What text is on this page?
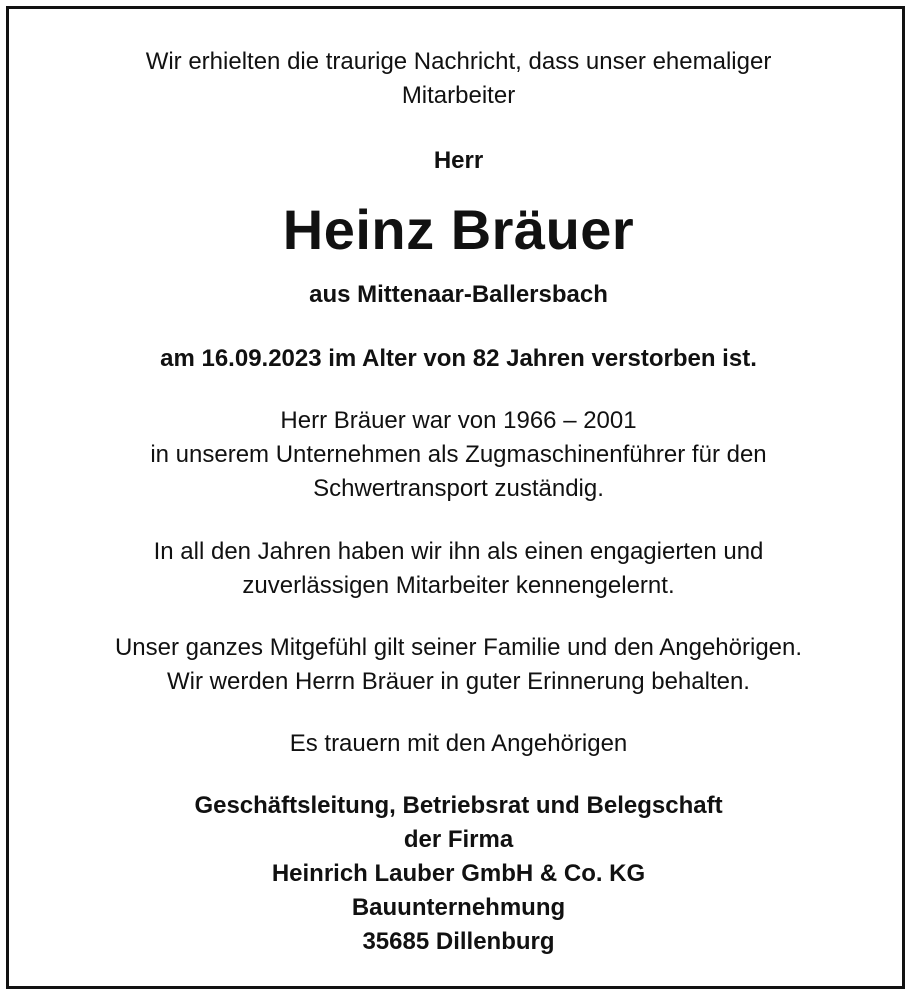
Wir erhielten die traurige Nachricht, dass unser ehemaliger
Mitarbeiter
Herr
Heinz Bräuer
aus Mittenaar-Ballersbach
am 16.09.2023 im Alter von 82 Jahren verstorben ist.
Herr Bräuer war von 1966 – 2001
in unserem Unternehmen als Zugmaschinenführer für den
Schwertransport zuständig.
In all den Jahren haben wir ihn als einen engagierten und
zuverlässigen Mitarbeiter kennengelernt.
Unser ganzes Mitgefühl gilt seiner Familie und den Angehörigen.
Wir werden Herrn Bräuer in guter Erinnerung behalten.
Es trauern mit den Angehörigen
Geschäftsleitung, Betriebsrat und Belegschaft
der Firma
Heinrich Lauber GmbH & Co. KG
Bauunternehmung
35685 Dillenburg
